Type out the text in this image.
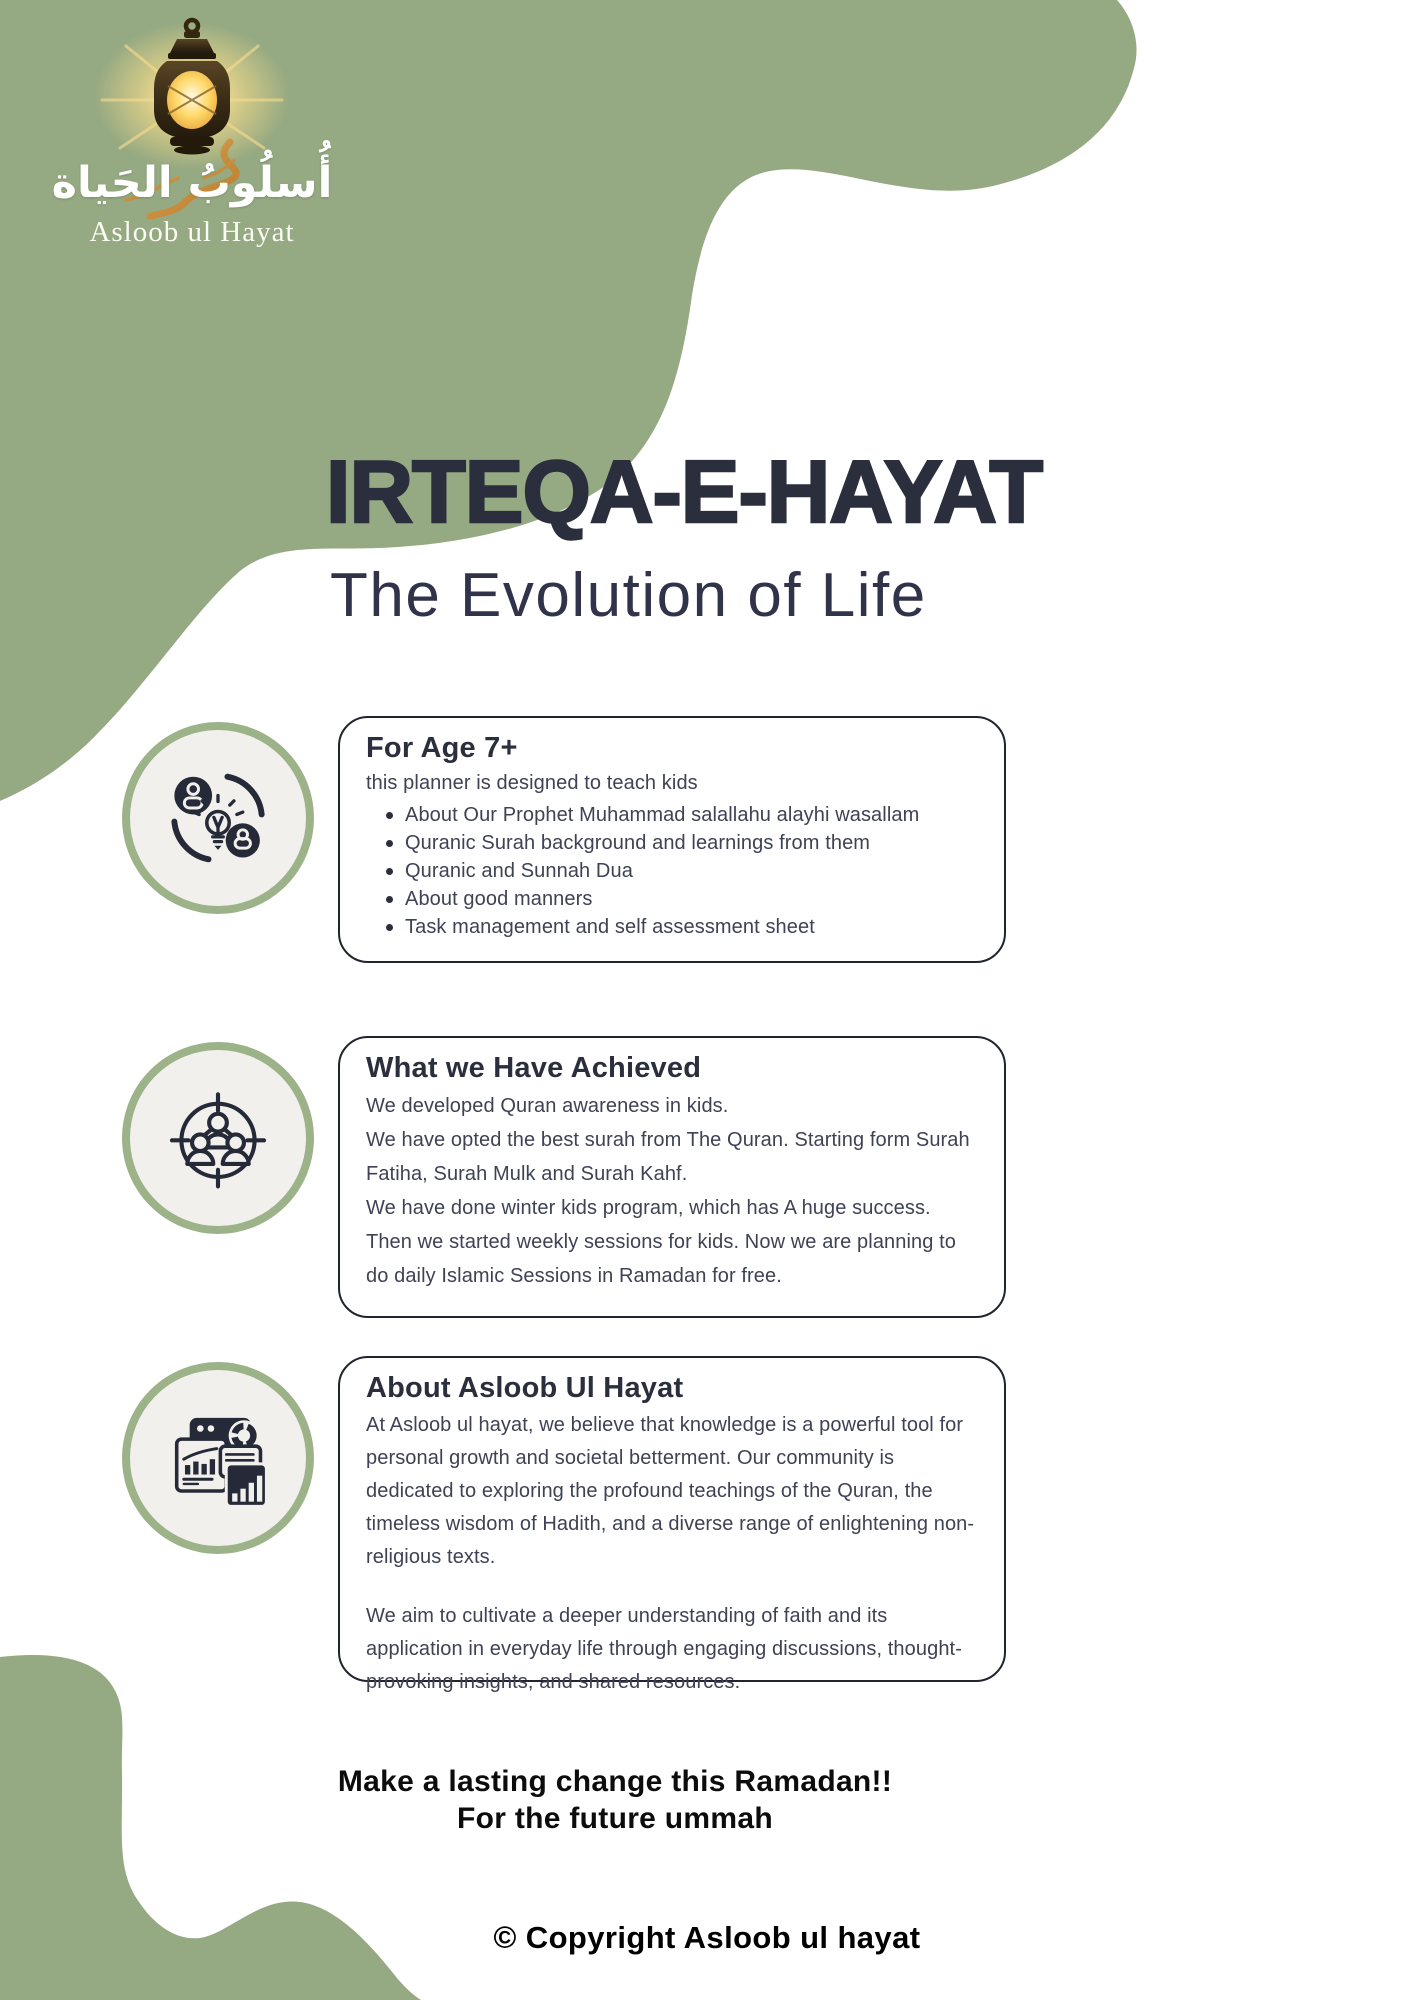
أُسلُوبُ الحَياة
Asloob ul Hayat
IRTEQA-E-HAYAT
The Evolution of Life
For Age 7+
this planner is designed to teach kids
About Our Prophet Muhammad salallahu alayhi wasallam
Quranic Surah background and learnings from them
Quranic and Sunnah Dua
About good manners
Task management and self assessment sheet
What we Have Achieved
We developed Quran awareness in kids.
We have opted the best surah from The Quran. Starting form Surah Fatiha, Surah Mulk and Surah Kahf.
We have done winter kids program, which has A huge success. Then we started weekly sessions for kids. Now we are planning to do daily Islamic Sessions in Ramadan for free.
About Asloob Ul Hayat
At Asloob ul hayat, we believe that knowledge is a powerful tool for personal growth and societal betterment. Our community is dedicated to exploring the profound teachings of the Quran, the timeless wisdom of Hadith, and a diverse range of enlightening non-religious texts.
We aim to cultivate a deeper understanding of faith and its application in everyday life through engaging discussions, thought-provoking insights, and shared resources.
Make a lasting change this Ramadan!!
For the future ummah
© Copyright Asloob ul hayat
